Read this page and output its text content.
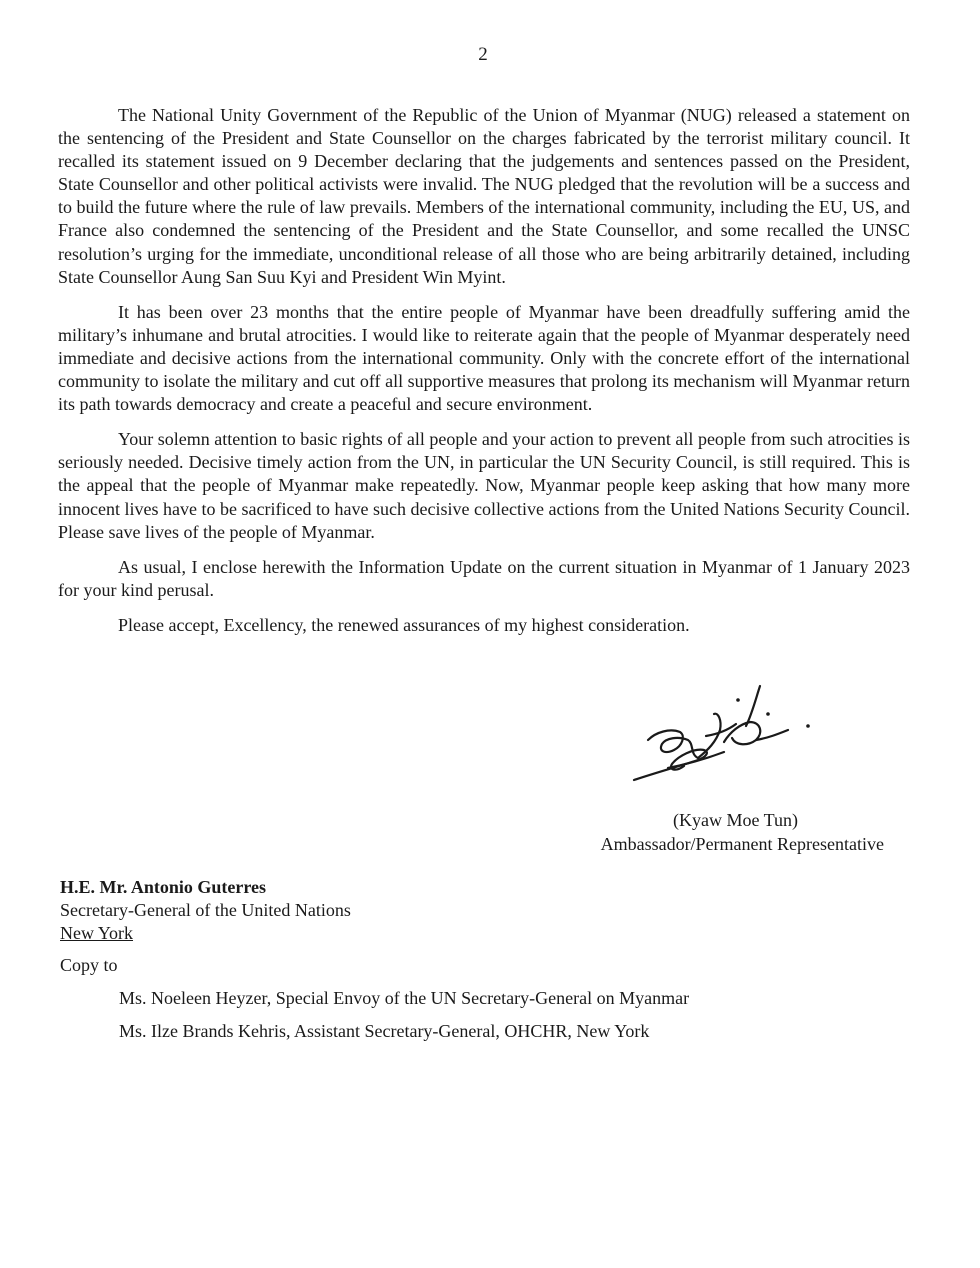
2

The National Unity Government of the Republic of the Union of Myanmar (NUG) released a statement on the sentencing of the President and State Counsellor on the charges fabricated by the terrorist military council. It recalled its statement issued on 9 December declaring that the judgements and sentences passed on the President, State Counsellor and other political activists were invalid. The NUG pledged that the revolution will be a success and to build the future where the rule of law prevails. Members of the international community, including the EU, US, and France also condemned the sentencing of the President and the State Counsellor, and some recalled the UNSC resolution’s urging for the immediate, unconditional release of all those who are being arbitrarily detained, including State Counsellor Aung San Suu Kyi and President Win Myint.

It has been over 23 months that the entire people of Myanmar have been dreadfully suffering amid the military’s inhumane and brutal atrocities. I would like to reiterate again that the people of Myanmar desperately need immediate and decisive actions from the international community. Only with the concrete effort of the international community to isolate the military and cut off all supportive measures that prolong its mechanism will Myanmar return its path towards democracy and create a peaceful and secure environment.

Your solemn attention to basic rights of all people and your action to prevent all people from such atrocities is seriously needed. Decisive timely action from the UN, in particular the UN Security Council, is still required. This is the appeal that the people of Myanmar make repeatedly. Now, Myanmar people keep asking that how many more innocent lives have to be sacrificed to have such decisive collective actions from the United Nations Security Council. Please save lives of the people of Myanmar.

As usual, I enclose herewith the Information Update on the current situation in Myanmar of 1 January 2023 for your kind perusal.

Please accept, Excellency, the renewed assurances of my highest consideration.

(Kyaw Moe Tun)
Ambassador/Permanent Representative
H.E. Mr. Antonio Guterres
Secretary-General of the United Nations
New York
Copy to
Ms. Noeleen Heyzer, Special Envoy of the UN Secretary-General on Myanmar
Ms. Ilze Brands Kehris, Assistant Secretary-General, OHCHR, New York
